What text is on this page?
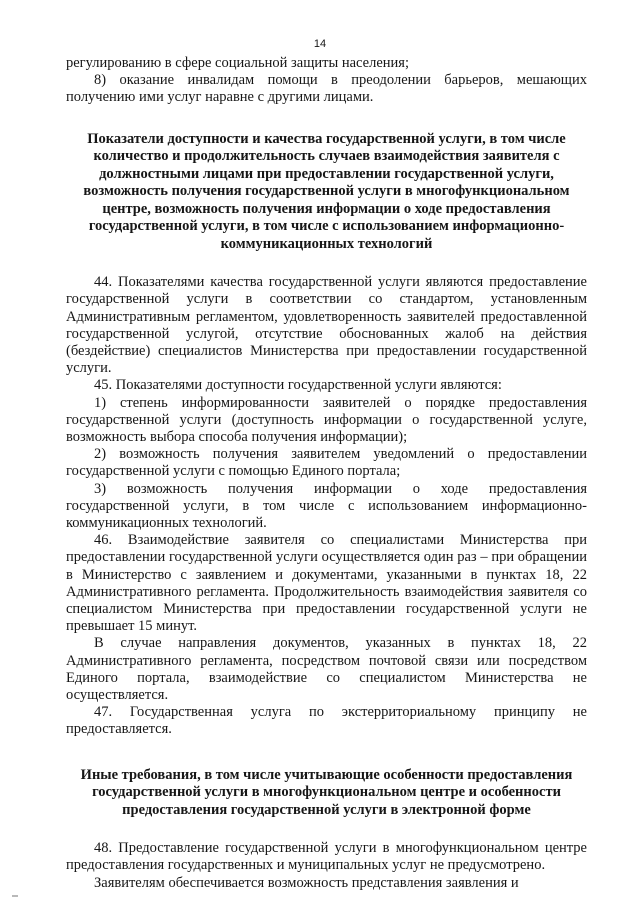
14

регулированию в сфере социальной защиты населения;

8) оказание инвалидам помощи в преодолении барьеров, мешающих получению ими услуг наравне с другими лицами.

Показатели доступности и качества государственной услуги, в том числе количество и продолжительность случаев взаимодействия заявителя с должностными лицами при предоставлении государственной услуги, возможность получения государственной услуги в многофункциональном центре, возможность получения информации о ходе предоставления государственной услуги, в том числе с использованием информационно-коммуникационных технологий

44. Показателями качества государственной услуги являются предоставление государственной услуги в соответствии со стандартом, установленным Административным регламентом, удовлетворенность заявителей предоставленной государственной услугой, отсутствие обоснованных жалоб на действия (бездействие) специалистов Министерства при предоставлении государственной услуги.

45. Показателями доступности государственной услуги являются:

1) степень информированности заявителей о порядке предоставления государственной услуги (доступность информации о государственной услуге, возможность выбора способа получения информации);

2) возможность получения заявителем уведомлений о предоставлении государственной услуги с помощью Единого портала;

3) возможность получения информации о ходе предоставления государственной услуги, в том числе с использованием информационно-коммуникационных технологий.

46. Взаимодействие заявителя со специалистами Министерства при предоставлении государственной услуги осуществляется один раз – при обращении в Министерство с заявлением и документами, указанными в пунктах 18, 22 Административного регламента. Продолжительность взаимодействия заявителя со специалистом Министерства при предоставлении государственной услуги не превышает 15 минут.

В случае направления документов, указанных в пунктах 18, 22 Административного регламента, посредством почтовой связи или посредством Единого портала, взаимодействие со специалистом Министерства не осуществляется.

47. Государственная услуга по экстерриториальному принципу не предоставляется.

Иные требования, в том числе учитывающие особенности предоставления государственной услуги в многофункциональном центре и особенности предоставления государственной услуги в электронной форме

48. Предоставление государственной услуги в многофункциональном центре предоставления государственных и муниципальных услуг не предусмотрено.

Заявителям обеспечивается возможность представления заявления и
